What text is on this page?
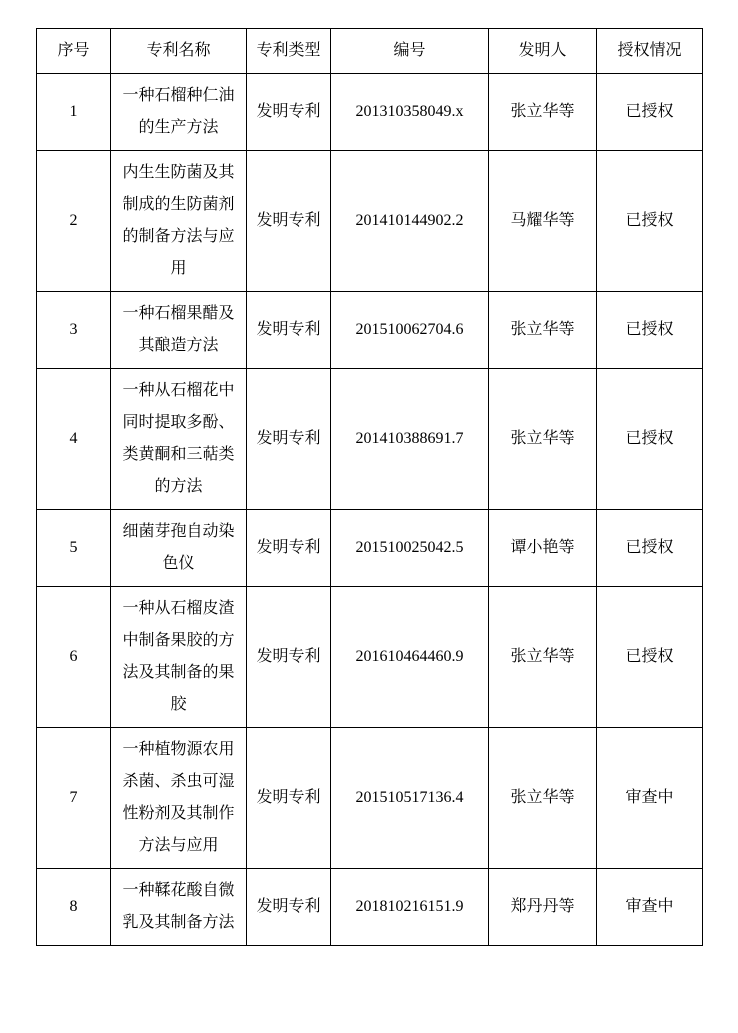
序号	专利名称	专利类型	编号	发明人	授权情况
1	一种石榴种仁油的生产方法	发明专利	201310358049.x	张立华等	已授权
2	内生生防菌及其制成的生防菌剂的制备方法与应用	发明专利	201410144902.2	马耀华等	已授权
3	一种石榴果醋及其酿造方法	发明专利	201510062704.6	张立华等	已授权
4	一种从石榴花中同时提取多酚、类黄酮和三萜类的方法	发明专利	201410388691.7	张立华等	已授权
5	细菌芽孢自动染色仪	发明专利	201510025042.5	谭小艳等	已授权
6	一种从石榴皮渣中制备果胶的方法及其制备的果胶	发明专利	201610464460.9	张立华等	已授权
7	一种植物源农用杀菌、杀虫可湿性粉剂及其制作方法与应用	发明专利	201510517136.4	张立华等	审查中
8	一种鞣花酸自微乳及其制备方法	发明专利	201810216151.9	郑丹丹等	审查中
